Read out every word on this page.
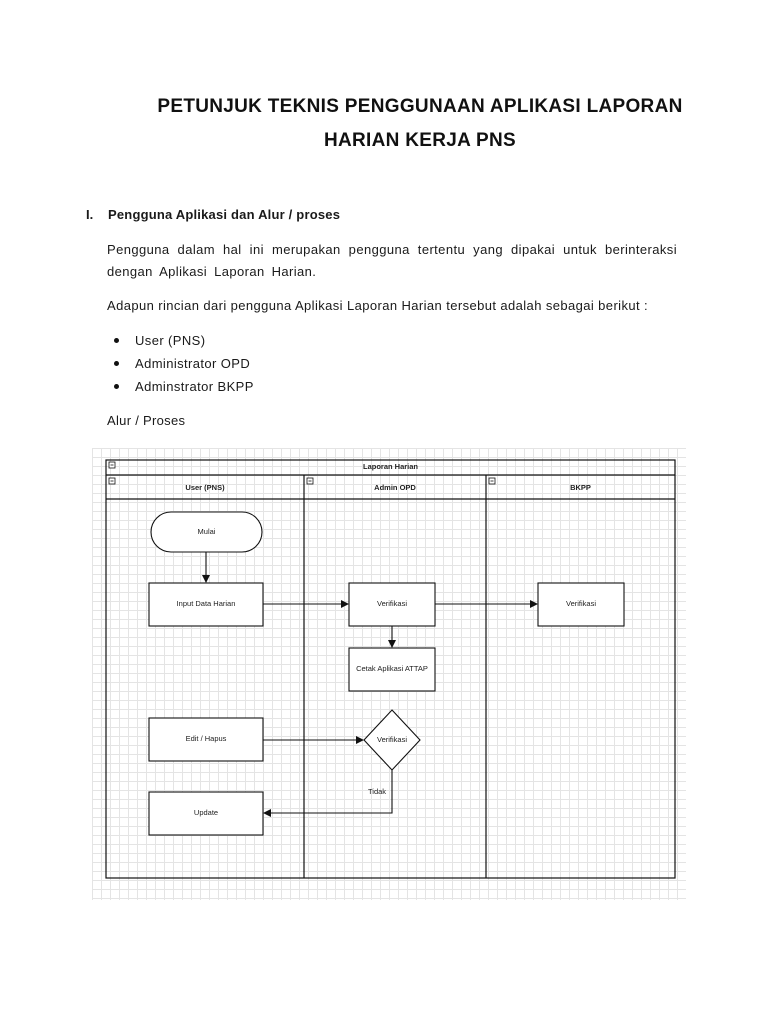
PETUNJUK TEKNIS PENGGUNAAN APLIKASI LAPORAN
HARIAN KERJA PNS
I. Pengguna Aplikasi dan Alur / proses
Pengguna dalam hal ini merupakan pengguna tertentu yang dipakai untuk berinteraksi dengan Aplikasi Laporan Harian.
Adapun rincian dari pengguna Aplikasi Laporan Harian tersebut adalah sebagai berikut :
User (PNS)
Administrator OPD
Adminstrator BKPP
Alur / Proses
Laporan Harian
User (PNS)	Admin OPD	BKPP
Mulai
Input Data Harian	Verifikasi	Verifikasi
Cetak Aplikasi ATTAP
Edit / Hapus	Verifikasi
Update
Tidak
